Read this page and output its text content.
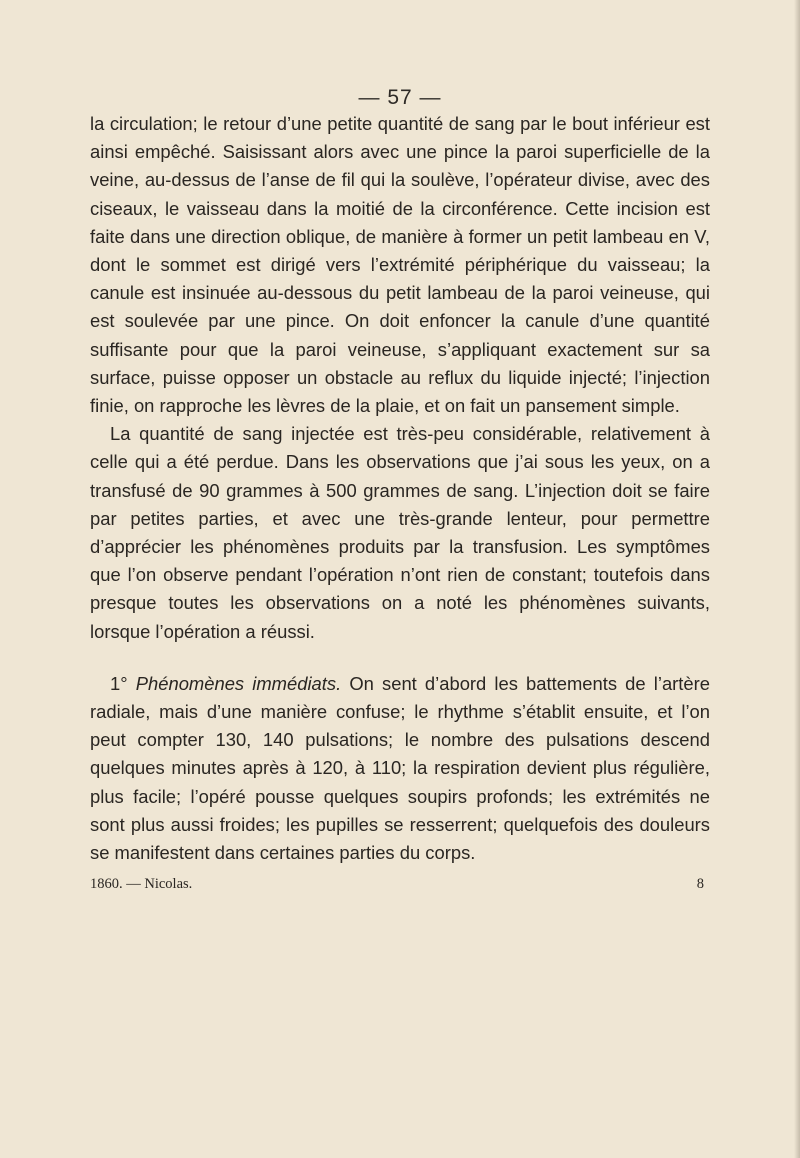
— 57 —

la circulation; le retour d’une petite quantité de sang par le bout inférieur est ainsi empêché. Saisissant alors avec une pince la paroi superficielle de la veine, au-dessus de l’anse de fil qui la soulève, l’opérateur divise, avec des ciseaux, le vaisseau dans la moitié de la circonférence. Cette incision est faite dans une direction oblique, de manière à former un petit lambeau en V, dont le sommet est dirigé vers l’extrémité périphérique du vaisseau; la canule est insinuée au-dessous du petit lambeau de la paroi veineuse, qui est soulevée par une pince. On doit enfoncer la canule d’une quantité suffisante pour que la paroi veineuse, s’appliquant exactement sur sa surface, puisse opposer un obstacle au reflux du liquide injecté; l’injection finie, on rapproche les lèvres de la plaie, et on fait un pansement simple.

La quantité de sang injectée est très-peu considérable, relativement à celle qui a été perdue. Dans les observations que j’ai sous les yeux, on a transfusé de 90 grammes à 500 grammes de sang. L’injection doit se faire par petites parties, et avec une très-grande lenteur, pour permettre d’apprécier les phénomènes produits par la transfusion. Les symptômes que l’on observe pendant l’opération n’ont rien de constant; toutefois dans presque toutes les observations on a noté les phénomènes suivants, lorsque l’opération a réussi.

1° Phénomènes immédiats. On sent d’abord les battements de l’artère radiale, mais d’une manière confuse; le rhythme s’établit ensuite, et l’on peut compter 130, 140 pulsations; le nombre des pulsations descend quelques minutes après à 120, à 110; la respiration devient plus régulière, plus facile; l’opéré pousse quelques soupirs profonds; les extrémités ne sont plus aussi froides; les pupilles se resserrent; quelquefois des douleurs se manifestent dans certaines parties du corps.

1860. — Nicolas.	8
